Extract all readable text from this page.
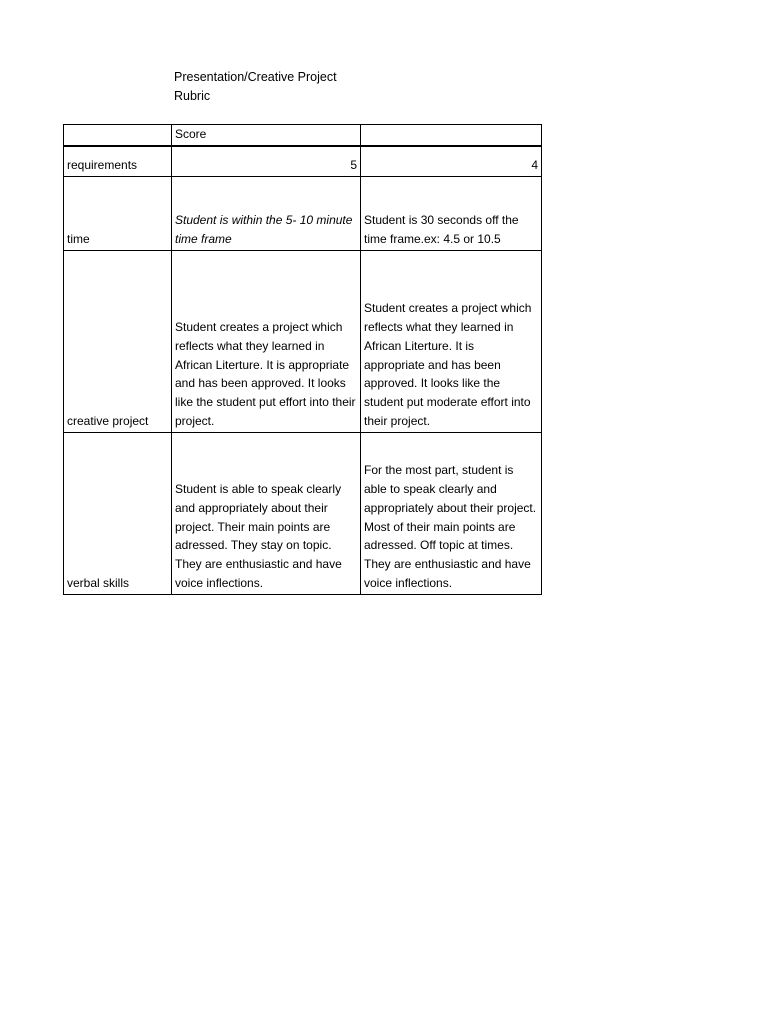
Presentation/Creative Project
Rubric
	Score	
requirements	5	4
time	Student is within the 5- 10 minute time frame	Student is 30 seconds off the time frame.ex: 4.5 or 10.5
creative project	Student creates a project which reflects what they learned in African Literture. It is appropriate and has been approved. It looks like the student put effort into their project.	Student creates a project which reflects what they learned in African Literture. It is appropriate and has been approved. It looks like the student put moderate effort into their project.
verbal skills	Student is able to speak clearly and appropriately about their project. Their main points are adressed. They stay on topic. They are enthusiastic and have voice inflections.	For the most part, student is able to speak clearly and appropriately about their project. Most of their main points are adressed. Off topic at times. They are enthusiastic and have voice inflections.
